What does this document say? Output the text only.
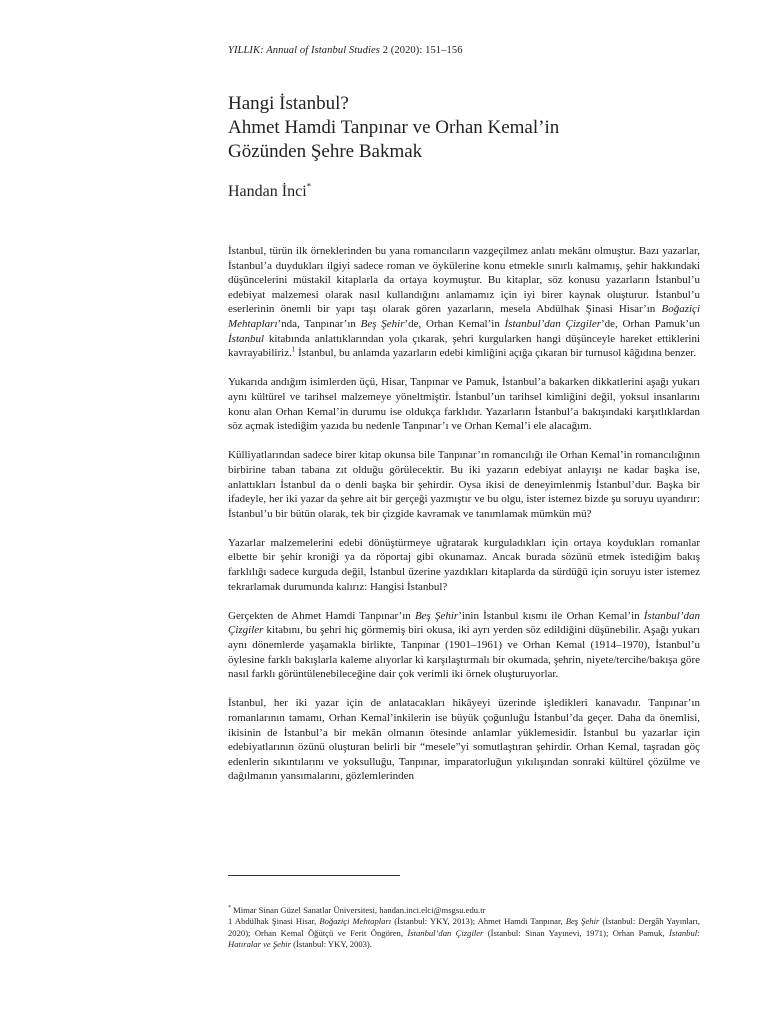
YILLIK: Annual of Istanbul Studies 2 (2020): 151–156

Hangi İstanbul?
Ahmet Hamdi Tanpınar ve Orhan Kemal’in
Gözünden Şehre Bakmak
Handan İnci*

İstanbul, türün ilk örneklerinden bu yana romancıların vazgeçilmez anlatı mekânı olmuştur. Bazı yazarlar, İstanbul’a duydukları ilgiyi sadece roman ve öykülerine konu etmekle sınırlı kalmamış, şehir hakkındaki düşüncelerini müstakil kitaplarla da ortaya koymuştur. Bu kitaplar, söz konusu yazarların İstanbul’u edebiyat malzemesi olarak nasıl kullandığını anlamamız için iyi birer kaynak oluşturur. İstanbul’u eserlerinin önemli bir yapı taşı olarak gören yazarların, mesela Abdülhak Şinasi Hisar’ın Boğaziçi Mehtapları’nda, Tanpınar’ın Beş Şehir’de, Orhan Kemal’in İstanbul’dan Çizgiler’de, Orhan Pamuk’un İstanbul kitabında anlattıklarından yola çıkarak, şehri kurgularken hangi düşünceyle hareket ettiklerini kavrayabiliriz.$^1$ İstanbul, bu anlamda yazarların edebi kimliğini açığa çıkaran bir turnusol kâğıdına benzer.

Yukarıda andığım isimlerden üçü, Hisar, Tanpınar ve Pamuk, İstanbul’a bakarken dikkatlerini aşağı yukarı aynı kültürel ve tarihsel malzemeye yöneltmiştir. İstanbul’un tarihsel kimliğini değil, yoksul insanlarını konu alan Orhan Kemal’in durumu ise oldukça farklıdır. Yazarların İstanbul’a bakışındaki karşıtlıklardan söz açmak istediğim yazıda bu nedenle Tanpınar’ı ve Orhan Kemal’i ele alacağım.

Külliyatlarından sadece birer kitap okunsa bile Tanpınar’ın romancılığı ile Orhan Kemal’in romancılığının birbirine taban tabana zıt olduğu görülecektir. Bu iki yazarın edebiyat anlayışı ne kadar başka ise, anlattıkları İstanbul da o denli başka bir şehirdir. Oysa ikisi de deneyimlenmiş İstanbul’dur. Başka bir ifadeyle, her iki yazar da şehre ait bir gerçeği yazmıştır ve bu olgu, ister istemez bizde şu soruyu uyandırır: İstanbul’u bir bütün olarak, tek bir çizgide kavramak ve tanımlamak mümkün mü?

Yazarlar malzemelerini edebi dönüştürmeye uğratarak kurguladıkları için ortaya koydukları romanlar elbette bir şehir kroniği ya da röportaj gibi okunamaz. Ancak burada sözünü etmek istediğim bakış farklılığı sadece kurguda değil, İstanbul üzerine yazdıkları kitaplarda da sürdüğü için soruyu ister istemez tekrarlamak durumunda kalırız: Hangisi İstanbul?

Gerçekten de Ahmet Hamdi Tanpınar’ın Beş Şehir’inin İstanbul kısmı ile Orhan Kemal’in İstanbul’dan Çizgiler kitabını, bu şehri hiç görmemiş biri okusa, iki ayrı yerden söz edildiğini düşünebilir. Aşağı yukarı aynı dönemlerde yaşamakla birlikte, Tanpınar (1901–1961) ve Orhan Kemal (1914–1970), İstanbul’u öylesine farklı bakışlarla kaleme alıyorlar ki karşılaştırmalı bir okumada, şehrin, niyete/tercihe/bakışa göre nasıl farklı görüntülenebileceğine dair çok verimli iki örnek oluşturuyorlar.

İstanbul, her iki yazar için de anlatacakları hikâyeyi üzerinde işledikleri kanavadır. Tanpınar’ın romanlarının tamamı, Orhan Kemal’inkilerin ise büyük çoğunluğu İstanbul’da geçer. Daha da önemlisi, ikisinin de İstanbul’a bir mekân olmanın ötesinde anlamlar yüklemesidir. İstanbul bu yazarlar için edebiyatlarının özünü oluşturan belirli bir “mesele”yi somutlaştıran şehirdir. Orhan Kemal, taşradan göç edenlerin sıkıntılarını ve yoksulluğu, Tanpınar, imparatorluğun yıkılışından sonraki kültürel çözülme ve dağılmanın yansımalarını, gözlemlerinden

* Mimar Sinan Güzel Sanatlar Üniversitesi, handan.inci.elci@msgsu.edu.tr

1 Abdülhak Şinasi Hisar, Boğaziçi Mehtapları (İstanbul: YKY, 2013); Ahmet Hamdi Tanpınar, Beş Şehir (İstanbul: Dergâh Yayınları, 2020); Orhan Kemal Öğütçü ve Ferit Öngören, İstanbul’dan Çizgiler (İstanbul: Sinan Yayınevi, 1971); Orhan Pamuk, İstanbul: Hatıralar ve Şehir (İstanbul: YKY, 2003).
